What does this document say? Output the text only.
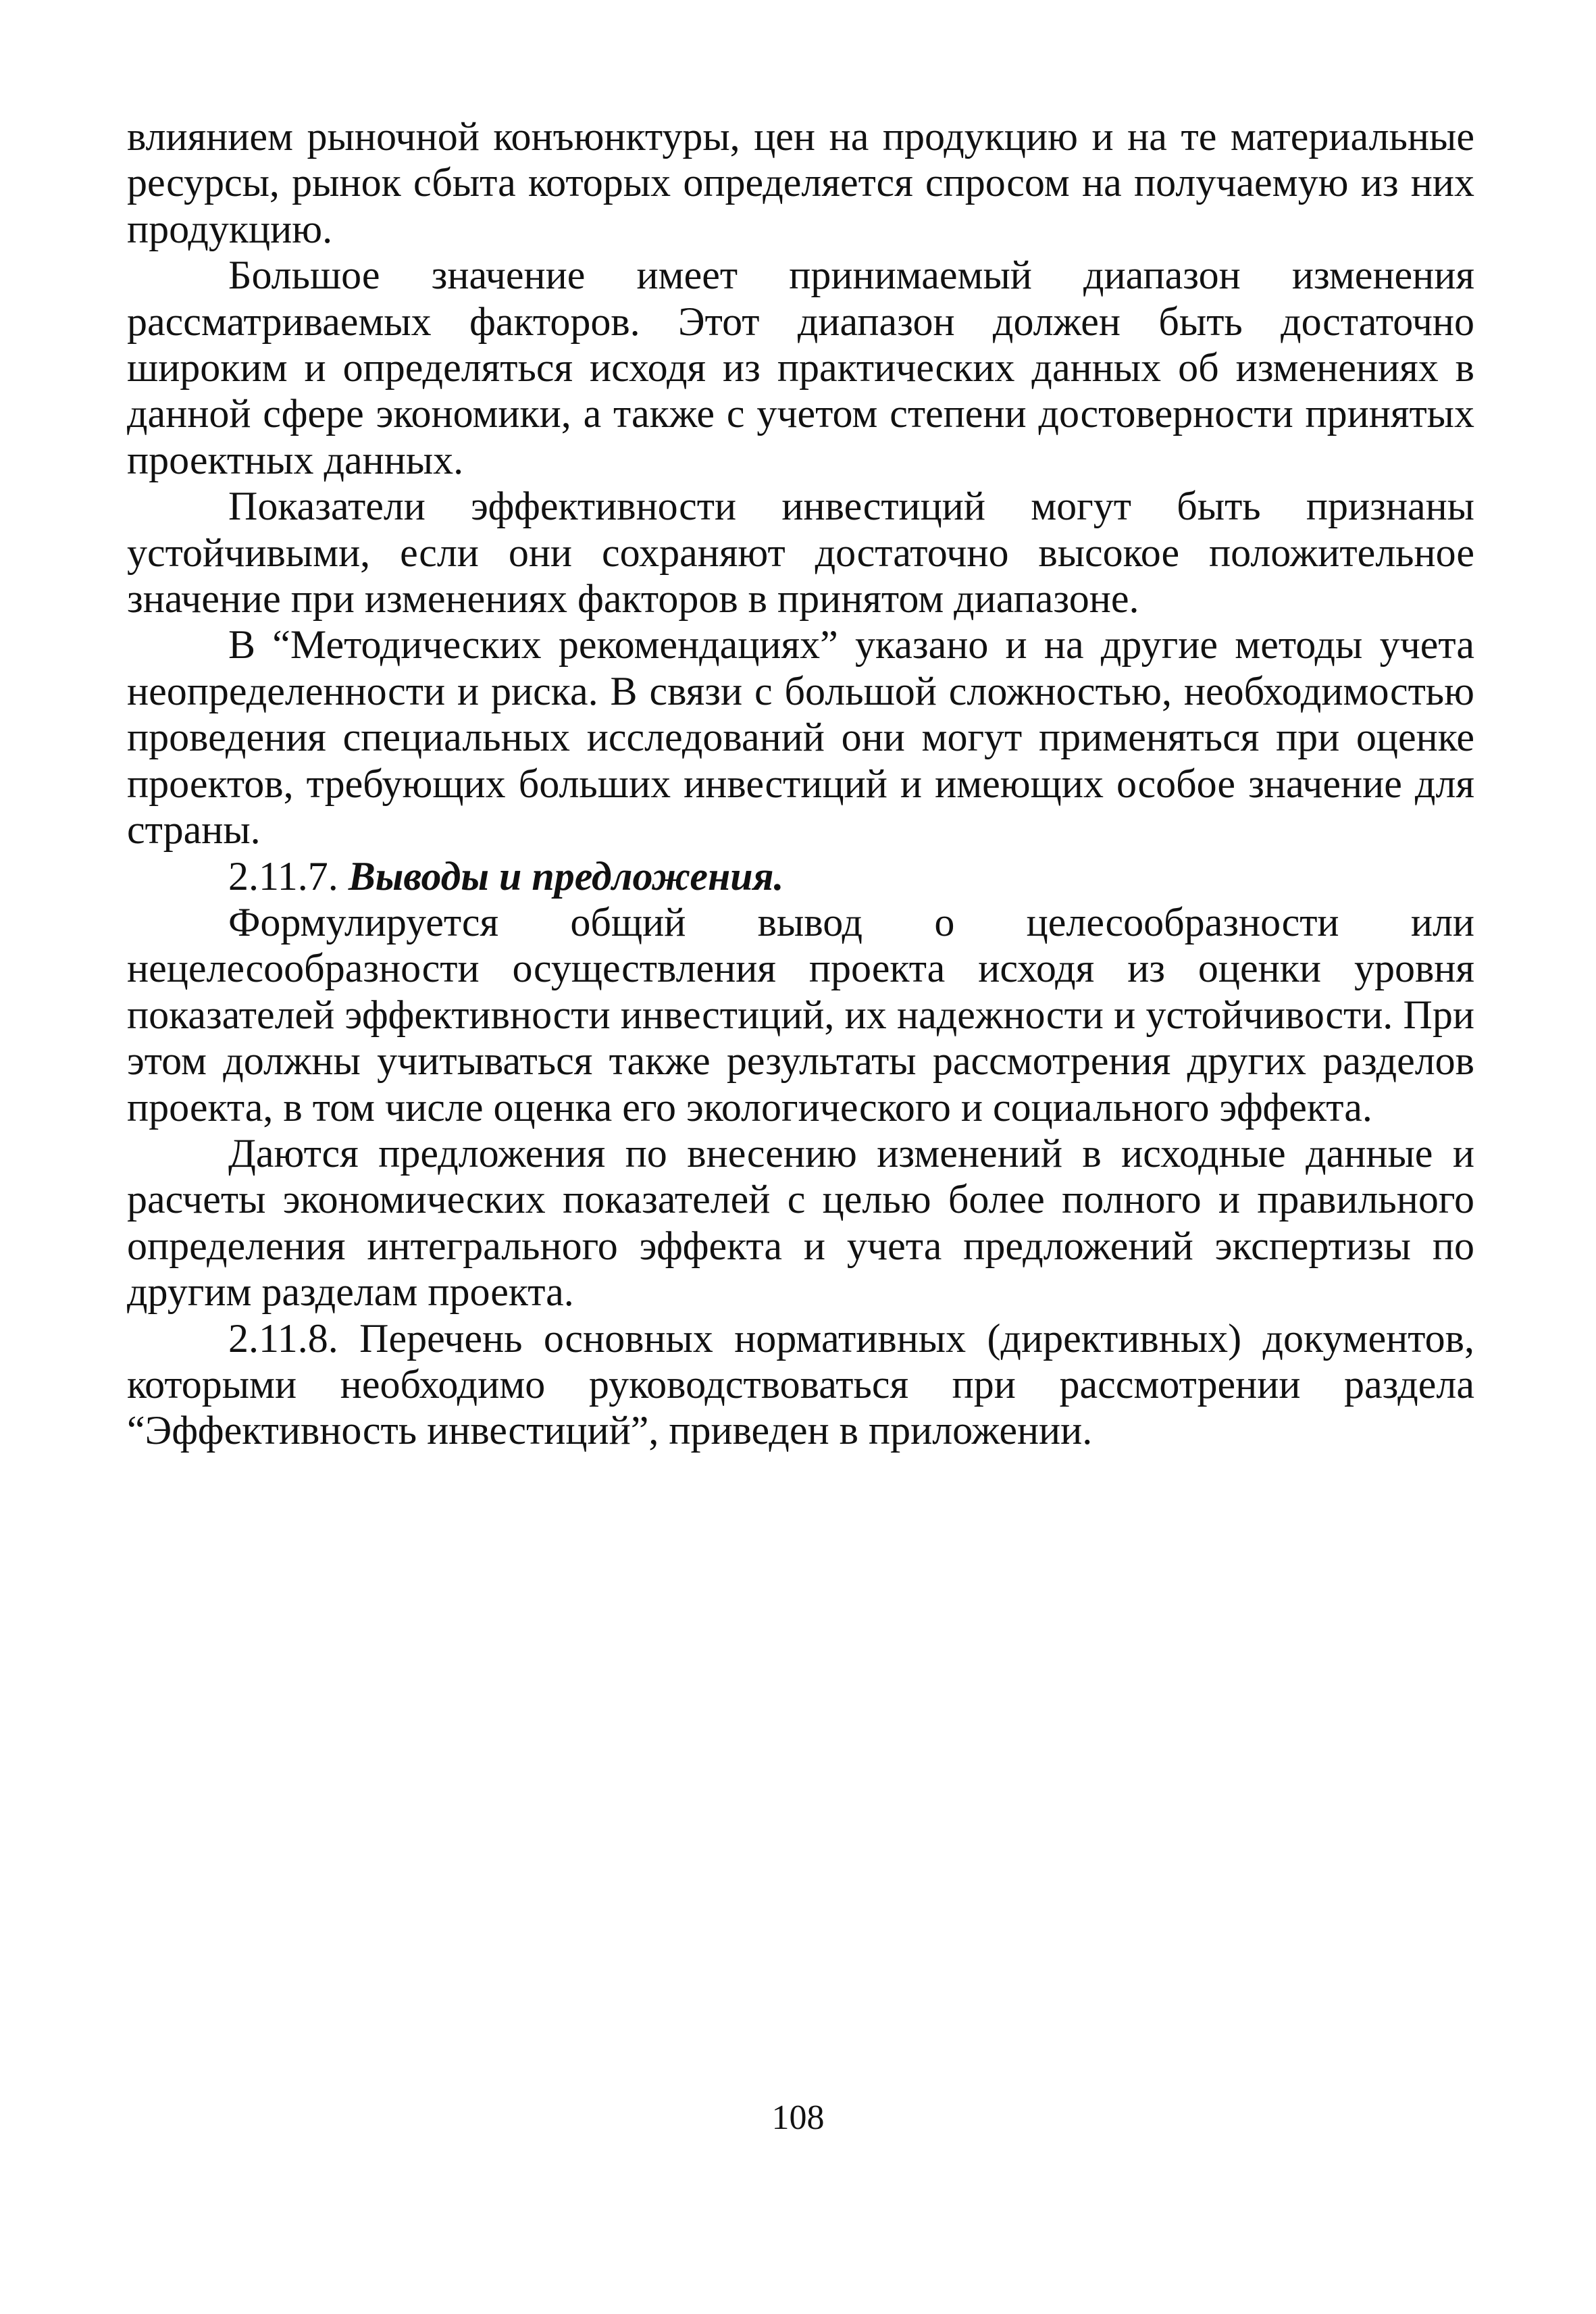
влиянием рыночной конъюнктуры, цен на продукцию и на те материальные ресурсы, рынок сбыта которых определяется спросом на получаемую из них продукцию.

Большое значение имеет принимаемый диапазон изменения рассматриваемых факторов. Этот диапазон должен быть достаточно широким и определяться исходя из практических данных об изменениях в данной сфере экономики, а также с учетом степени достоверности принятых проектных данных.

Показатели эффективности инвестиций могут быть признаны устойчивыми, если они сохраняют достаточно высокое положительное значение при изменениях факторов в принятом диапазоне.

В “Методических рекомендациях” указано и на другие методы учета неопределенности и риска. В связи с большой сложностью, необходимостью проведения специальных исследований они могут применяться при оценке проектов, требующих больших инвестиций и имеющих особое значение для страны.

2.11.7. Выводы и предложения.

Формулируется общий вывод о целесообразности или нецелесообразности осуществления проекта исходя из оценки уровня показателей эффективности инвестиций, их надежности и устойчивости. При этом должны учитываться также результаты рассмотрения других разделов проекта, в том числе оценка его экологического и социального эффекта.

Даются предложения по внесению изменений в исходные данные и расчеты экономических показателей с целью более полного и правильного определения интегрального эффекта и учета предложений экспертизы по другим разделам проекта.

2.11.8. Перечень основных нормативных (директивных) документов, которыми необходимо руководствоваться при рассмотрении раздела “Эффективность инвестиций”, приведен в приложении.

108
